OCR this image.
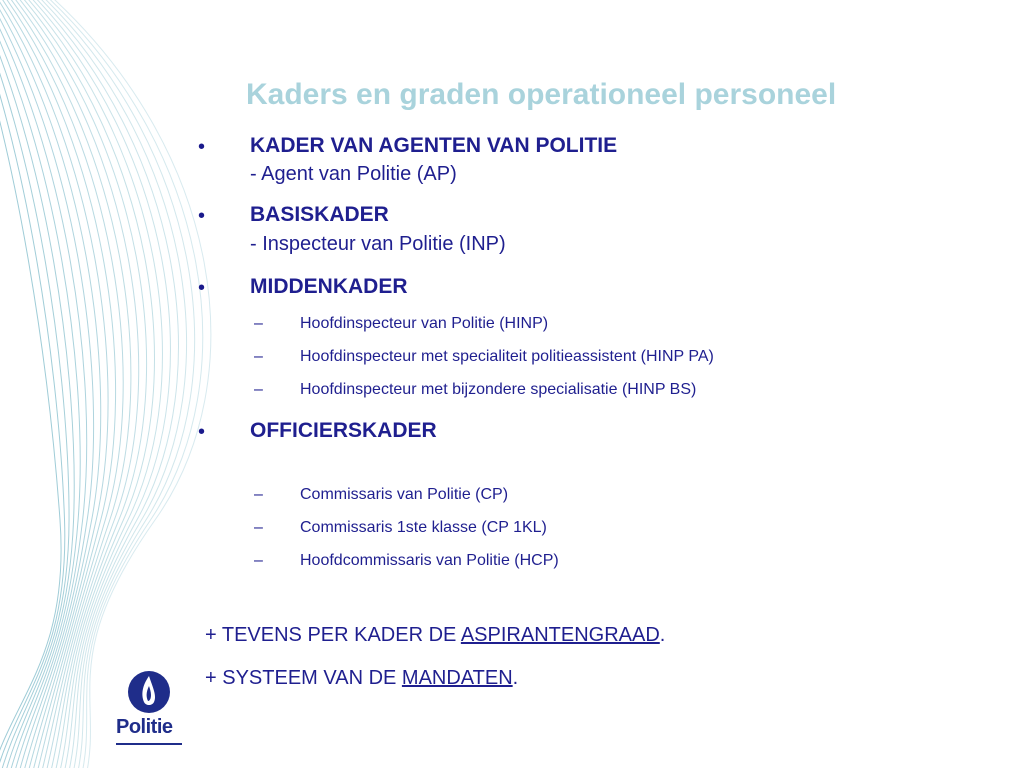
Kaders en graden operationeel personeel
• KADER VAN AGENTEN VAN POLITIE
- Agent van Politie (AP)
• BASISKADER
- Inspecteur van Politie (INP)
• MIDDENKADER
– Hoofdinspecteur van Politie (HINP)
– Hoofdinspecteur met specialiteit politieassistent (HINP PA)
– Hoofdinspecteur met bijzondere specialisatie (HINP BS)
• OFFICIERSKADER
– Commissaris van Politie (CP)
– Commissaris 1ste klasse (CP 1KL)
– Hoofdcommissaris van Politie (HCP)
+ TEVENS PER KADER DE ASPIRANTENGRAAD.
+ SYSTEEM VAN DE MANDATEN.
Politie
